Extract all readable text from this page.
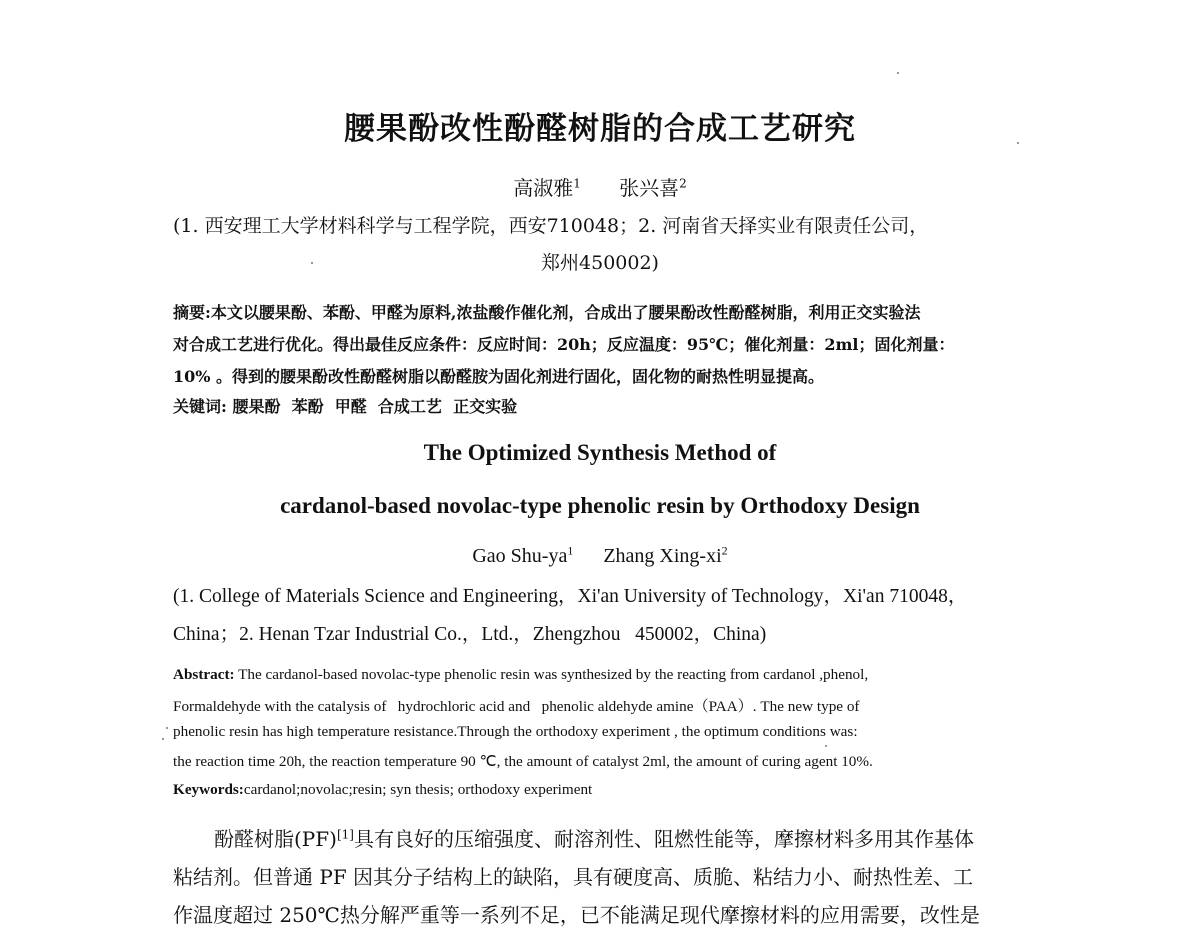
腰果酚改性酚醛树脂的合成工艺研究
高淑雅$^1$ 张兴喜$^2$
(1. 西安理工大学材料科学与工程学院，西安710048；2. 河南省天择实业有限责任公司，
郑州450002)
摘要:本文以腰果酚、苯酚、甲醛为原料,浓盐酸作催化剂，合成出了腰果酚改性酚醛树脂，利用正交实验法
对合成工艺进行优化。得出最佳反应条件：反应时间：20h；反应温度：95℃；催化剂量：2ml；固化剂量：
10% 。得到的腰果酚改性酚醛树脂以酚醛胺为固化剂进行固化，固化物的耐热性明显提高。
关键词: 腰果酚  苯酚  甲醛  合成工艺  正交实验
The Optimized Synthesis Method of
cardanol-based novolac-type phenolic resin by Orthodoxy Design
Gao Shu-$ya^1$ Zhang Xing-$xi^2$
(1. College of Materials Science and Engineering，Xi'an University of Technology，Xi'an 710048，
China；2. Henan Tzar Industrial Co.，Ltd.，Zhengzhou   450002，China)
Abstract: The cardanol-based novolac-type phenolic resin was synthesized by the reacting from cardanol ,phenol,
Formaldehyde with the catalysis of   hydrochloric acid and   phenolic aldehyde amine（PAA）. The new type of
phenolic resin has high temperature resistance.Through the orthodoxy experiment , the optimum conditions was:
the reaction time 20h, the reaction temperature 90 ℃, the amount of catalyst 2ml, the amount of curing agent 10%.
Keywords:cardanol;novolac;resin; syn thesis; orthodoxy experiment
酚醛树脂(PF)[1]具有良好的压缩强度、耐溶剂性、阻燃性能等，摩擦材料多用其作基体
粘结剂。但普通 PF 因其分子结构上的缺陷，具有硬度高、质脆、粘结力小、耐热性差、工
作温度超过 250℃热分解严重等一系列不足，已不能满足现代摩擦材料的应用需要，改性是
